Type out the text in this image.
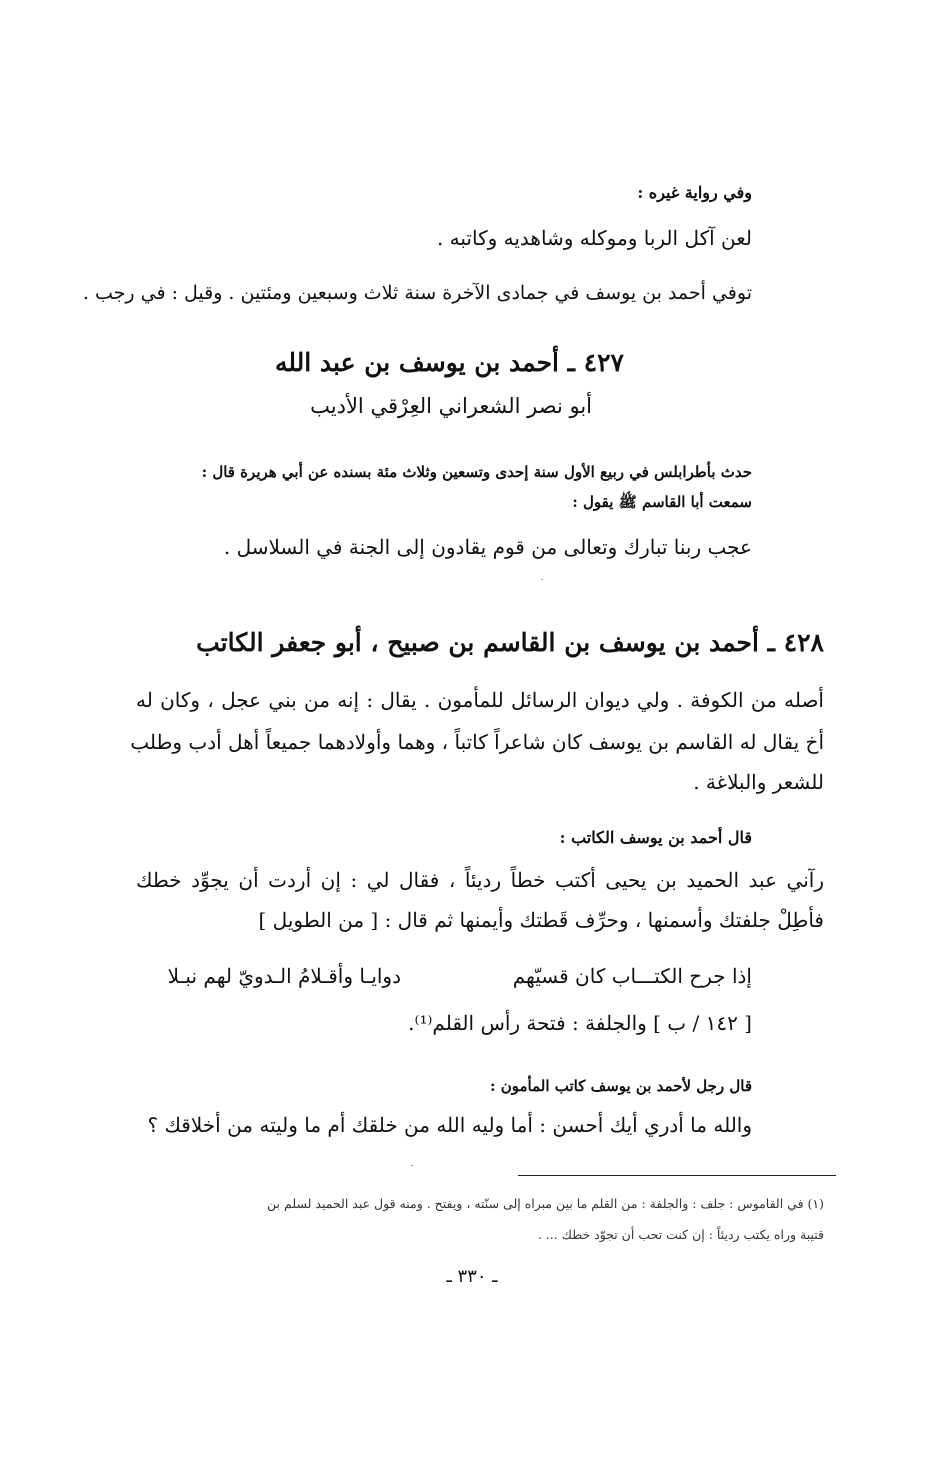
وفي رواية غيره :
لعن آكل الربا وموكله وشاهديه وكاتبه .
توفي أحمد بن يوسف في جمادى الآخرة سنة ثلاث وسبعين ومئتين . وقيل : في رجب .
٤٢٧ ـ أحمد بن يوسف بن عبد الله
أبو نصر الشعراني العِرْقي الأديب
حدث بأطرابلس في ربيع الأول سنة إحدى وتسعين وثلاث مئة بسنده عن أبي هريرة قال :
سمعت أبا القاسم ﷺ يقول :
عجب ربنا تبارك وتعالى من قوم يقادون إلى الجنة في السلاسل .
٤٢٨ ـ أحمد بن يوسف بن القاسم بن صبيح ، أبو جعفر الكاتب
أصله من الكوفة . ولي ديوان الرسائل للمأمون . يقال : إنه من بني عجل ، وكان له
أخ يقال له القاسم بن يوسف كان شاعراً كاتباً ، وهما وأولادهما جميعاً أهل أدب وطلب
للشعر والبلاغة .
قال أحمد بن يوسف الكاتب :
رآني عبد الحميد بن يحيى أكتب خطاً رديئاً ، فقال لي : إن أردت أن يجوِّد خطك
فأطِلْ جلفتك وأسمنها ، وحرِّف قَطتك وأيمنها ثم قال : [ من الطويل ]
إذا جرح الكتـــاب كان قسيّهم
دوايـا وأقـلامُ الـدويّ لهم نبـلا
[ ١٤٢ / ب ] والجلفة : فتحة رأس القلم⁽¹⁾.
قال رجل لأحمد بن يوسف كاتب المأمون :
والله ما أدري أيك أحسن : أما وليه الله من خلقك أم ما وليته من أخلاقك ؟
(١) في القاموس : جلف : والجلفة : من القلم ما بين مبراه إلى سنّته ، ويفتح . ومنه قول عبد الحميد لسلم بن
قتيبة وراه يكتب رديئاً : إن كنت تحب أن تجوّد خطك ... .
ـ ٣٣٠ ـ
